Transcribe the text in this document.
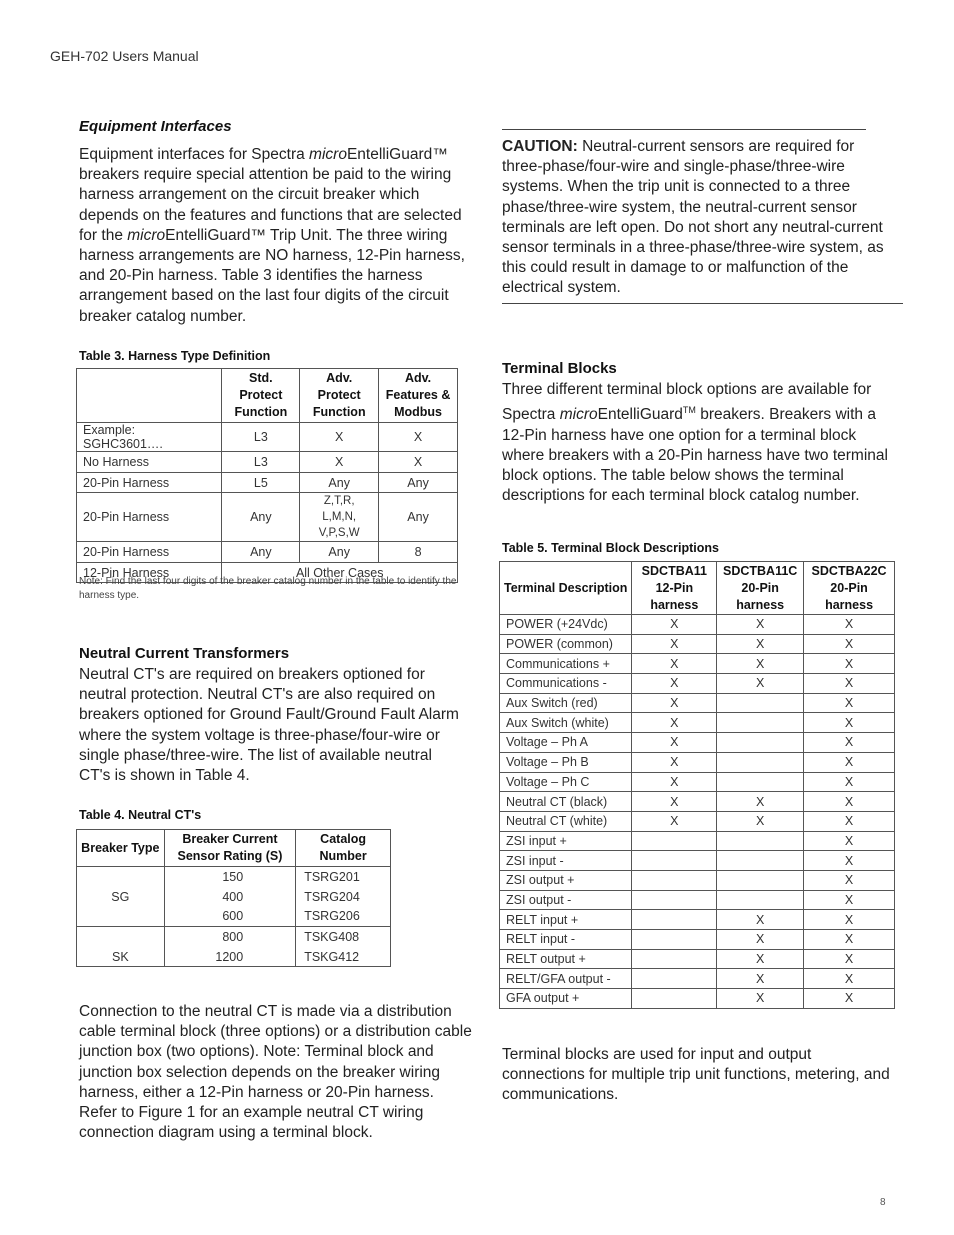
GEH-702 Users Manual
Equipment Interfaces
Equipment interfaces for Spectra microEntelliGuard™ breakers require special attention be paid to the wiring harness arrangement on the circuit breaker which depends on the features and functions that are selected for the microEntelliGuard™ Trip Unit. The three wiring harness arrangements are NO harness, 12-Pin harness, and 20-Pin harness. Table 3 identifies the harness arrangement based on the last four digits of the circuit breaker catalog number.
Table 3. Harness Type Definition
	Std. Protect Function	Adv. Protect Function	Adv. Features & Modbus
Example: SGHC3601….	L3	X	X
No Harness	L3	X	X
20-Pin Harness	L5	Any	Any
20-Pin Harness	Any	Z,T,R, L,M,N, V,P,S,W	Any
20-Pin Harness	Any	Any	8
12-Pin Harness	All Other Cases		
Note: Find the last four digits of the breaker catalog number in the table to identify the harness type.
Neutral Current Transformers
Neutral CT's are required on breakers optioned for neutral protection. Neutral CT's are also required on breakers optioned for Ground Fault/Ground Fault Alarm where the system voltage is three-phase/four-wire or single phase/three-wire. The list of available neutral CT's is shown in Table 4.
Table 4. Neutral CT's
Breaker Type	Breaker Current Sensor Rating (S)	Catalog Number
	150	TSRG201
SG	400	TSRG204
	600	TSRG206
	800	TSKG408
SK	1200	TSKG412
Connection to the neutral CT is made via a distribution cable terminal block (three options) or a distribution cable junction box (two options). Note: Terminal block and junction box selection depends on the breaker wiring harness, either a 12-Pin harness or 20-Pin harness. Refer to Figure 1 for an example neutral CT wiring connection diagram using a terminal block.
CAUTION: Neutral-current sensors are required for three-phase/four-wire and single-phase/three-wire systems. When the trip unit is connected to a three phase/three-wire system, the neutral-current sensor terminals are left open. Do not short any neutral-current sensor terminals in a three-phase/three-wire system, as this could result in damage to or malfunction of the electrical system.
Terminal Blocks
Three different terminal block options are available for Spectra microEntelliGuard™ breakers. Breakers with a 12-Pin harness have one option for a terminal block where breakers with a 20-Pin harness have two terminal block options. The table below shows the terminal descriptions for each terminal block catalog number.
Table 5. Terminal Block Descriptions
Terminal Description	SDCTBA11 12-Pin harness	SDCTBA11C 20-Pin harness	SDCTBA22C 20-Pin harness
POWER (+24Vdc)	X	X	X
POWER (common)	X	X	X
Communications +	X	X	X
Communications -	X	X	X
Aux Switch (red)	X		X
Aux Switch (white)	X		X
Voltage – Ph A	X		X
Voltage – Ph B	X		X
Voltage – Ph C	X		X
Neutral CT (black)	X	X	X
Neutral CT (white)	X	X	X
ZSI input +			X
ZSI input -			X
ZSI output +			X
ZSI output -			X
RELT input +		X	X
RELT input -		X	X
RELT output +		X	X
RELT/GFA output -		X	X
GFA output +		X	X
Terminal blocks are used for input and output connections for multiple trip unit functions, metering, and communications.
8
